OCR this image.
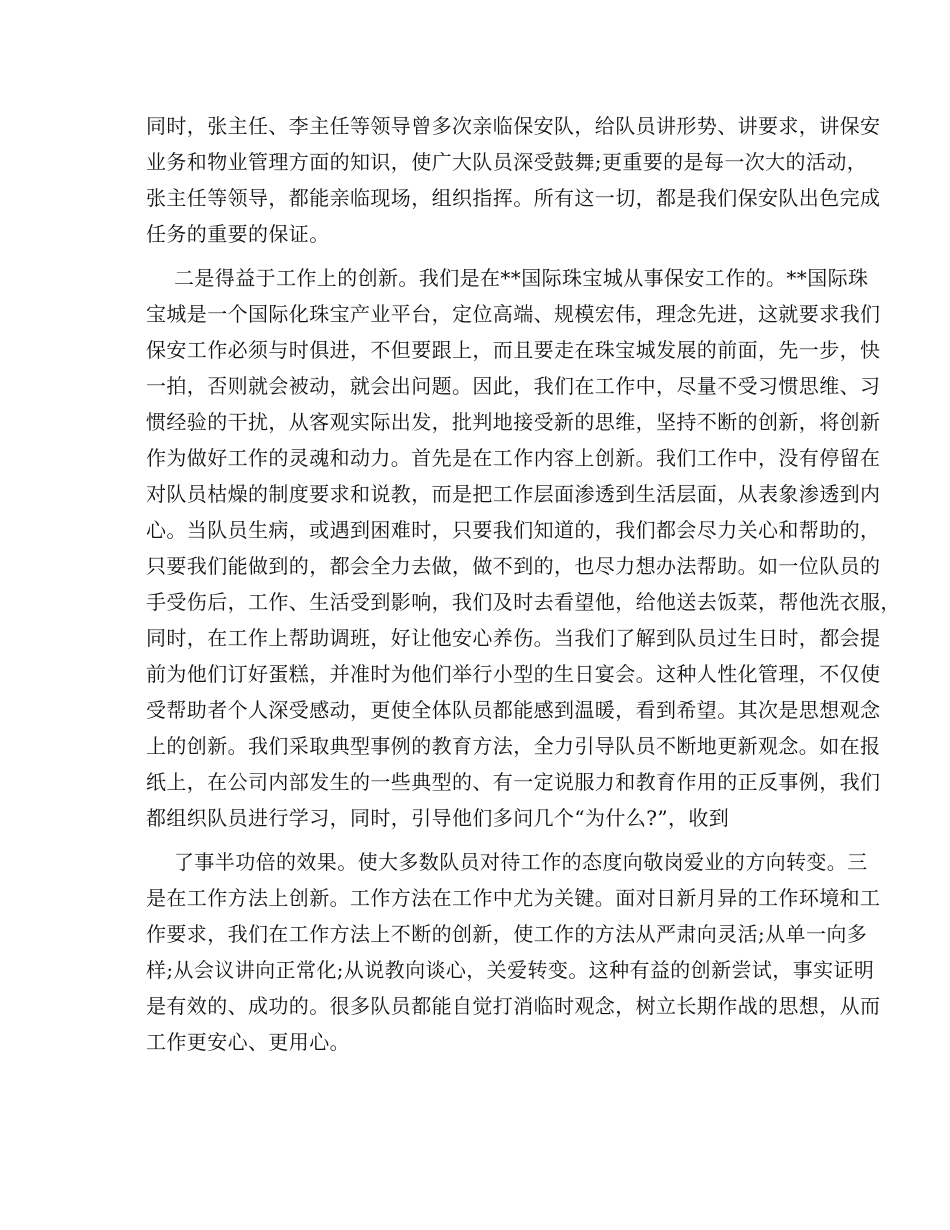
同时，张主任、李主任等领导曾多次亲临保安队，给队员讲形势、讲要求，讲保安
业务和物业管理方面的知识，使广大队员深受鼓舞;更重要的是每一次大的活动，
张主任等领导，都能亲临现场，组织指挥。所有这一切，都是我们保安队出色完成
任务的重要的保证。
二是得益于工作上的创新。我们是在**国际珠宝城从事保安工作的。**国际珠
宝城是一个国际化珠宝产业平台，定位高端、规模宏伟，理念先进，这就要求我们
保安工作必须与时俱进，不但要跟上，而且要走在珠宝城发展的前面，先一步，快
一拍，否则就会被动，就会出问题。因此，我们在工作中，尽量不受习惯思维、习
惯经验的干扰，从客观实际出发，批判地接受新的思维，坚持不断的创新，将创新
作为做好工作的灵魂和动力。首先是在工作内容上创新。我们工作中，没有停留在
对队员枯燥的制度要求和说教，而是把工作层面渗透到生活层面，从表象渗透到内
心。当队员生病，或遇到困难时，只要我们知道的，我们都会尽力关心和帮助的，
只要我们能做到的，都会全力去做，做不到的，也尽力想办法帮助。如一位队员的
手受伤后，工作、生活受到影响，我们及时去看望他，给他送去饭菜，帮他洗衣服，
同时，在工作上帮助调班，好让他安心养伤。当我们了解到队员过生日时，都会提
前为他们订好蛋糕，并准时为他们举行小型的生日宴会。这种人性化管理，不仅使
受帮助者个人深受感动，更使全体队员都能感到温暖，看到希望。其次是思想观念
上的创新。我们采取典型事例的教育方法，全力引导队员不断地更新观念。如在报
纸上，在公司内部发生的一些典型的、有一定说服力和教育作用的正反事例，我们
都组织队员进行学习，同时，引导他们多问几个“为什么?”，收到
了事半功倍的效果。使大多数队员对待工作的态度向敬岗爱业的方向转变。三
是在工作方法上创新。工作方法在工作中尤为关键。面对日新月异的工作环境和工
作要求，我们在工作方法上不断的创新，使工作的方法从严肃向灵活;从单一向多
样;从会议讲向正常化;从说教向谈心，关爱转变。这种有益的创新尝试，事实证明
是有效的、成功的。很多队员都能自觉打消临时观念，树立长期作战的思想，从而
工作更安心、更用心。
